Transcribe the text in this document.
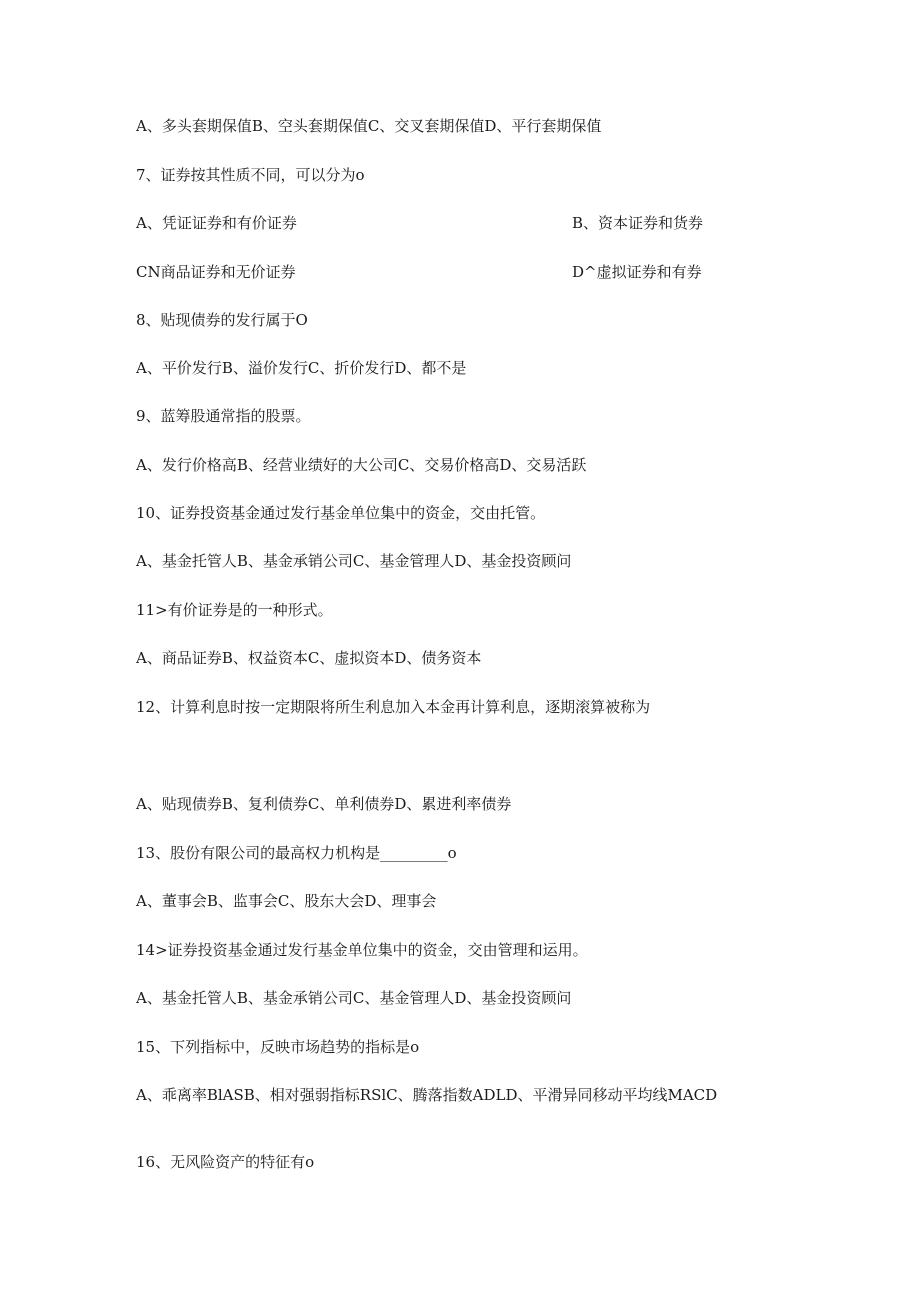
A、多头套期保值B、空头套期保值C、交叉套期保值D、平行套期保值
7、证券按其性质不同，可以分为o
A、凭证证券和有价证券	B、资本证券和货券
CN商品证券和无价证券	D^虚拟证券和有券
8、贴现债券的发行属于O
A、平价发行B、溢价发行C、折价发行D、都不是
9、蓝筹股通常指的股票。
A、发行价格高B、经营业绩好的大公司C、交易价格高D、交易活跃
10、证券投资基金通过发行基金单位集中的资金，交由托管。
A、基金托管人B、基金承销公司C、基金管理人D、基金投资顾问
11>有价证券是的一种形式。
A、商品证券B、权益资本C、虚拟资本D、债务资本
12、计算利息时按一定期限将所生利息加入本金再计算利息，逐期滚算被称为
A、贴现债券B、复利债券C、单利债券D、累进利率债券
13、股份有限公司的最高权力机构是_________o
A、董事会B、监事会C、股东大会D、理事会
14>证券投资基金通过发行基金单位集中的资金，交由管理和运用。
A、基金托管人B、基金承销公司C、基金管理人D、基金投资顾问
15、下列指标中，反映市场趋势的指标是o
A、乖离率BlASB、相对强弱指标RSlC、腾落指数ADLD、平滑异同移动平均线MACD
16、无风险资产的特征有o
